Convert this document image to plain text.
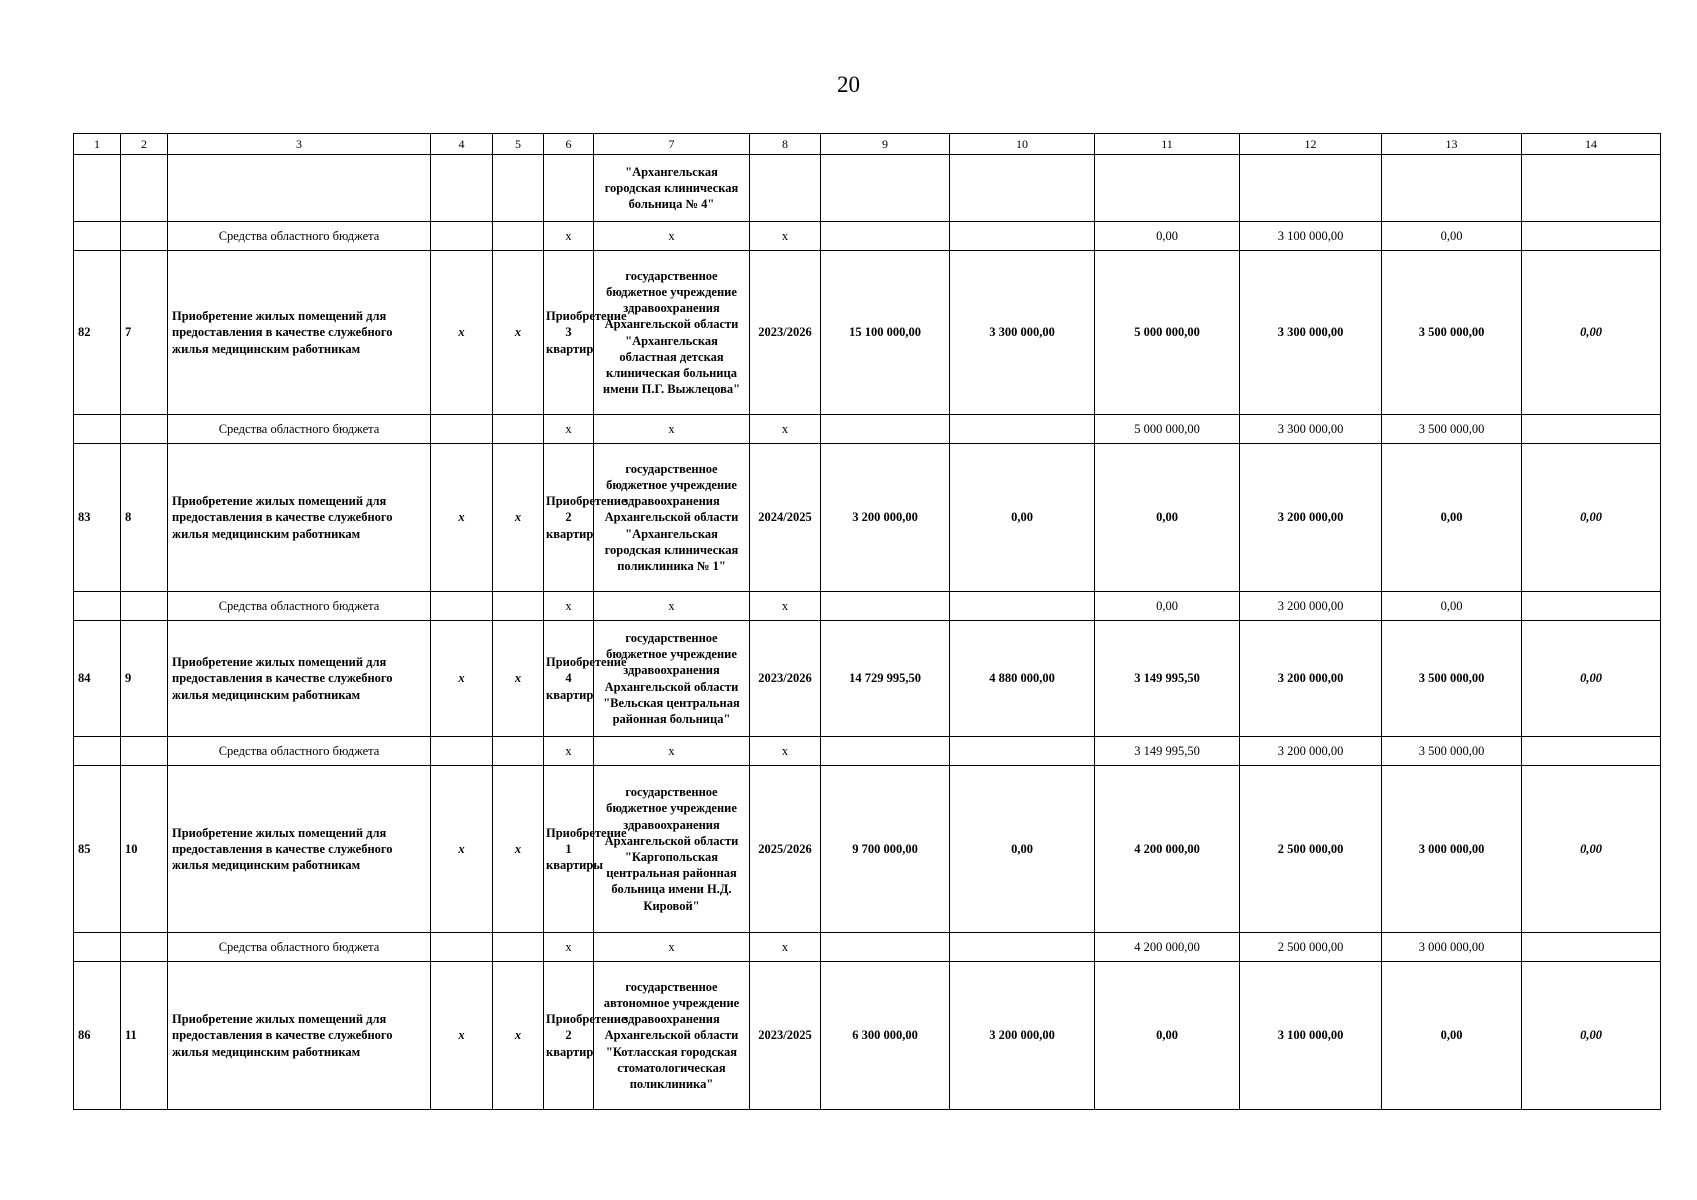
20
1	2	3	4	5	6	7	8	9	10	11	12	13	14
						"Архангельская городская клиническая больница № 4"							
		Средства областного бюджета			х	х	х			0,00	3 100 000,00	0,00	
82	7	Приобретение жилых помещений для предоставления в качестве служебного жилья медицинским работникам	x	x	Приобретение 3 квартир	государственное бюджетное учреждение здравоохранения Архангельской области "Архангельская областная детская клиническая больница имени П.Г. Выжлецова"	2023/2026	15 100 000,00	3 300 000,00	5 000 000,00	3 300 000,00	3 500 000,00	0,00
		Средства областного бюджета			х	х	х			5 000 000,00	3 300 000,00	3 500 000,00	
83	8	Приобретение жилых помещений для предоставления в качестве служебного жилья медицинским работникам	x	x	Приобретение 2 квартир	государственное бюджетное учреждение здравоохранения Архангельской области "Архангельская городская клиническая поликлиника № 1"	2024/2025	3 200 000,00	0,00	0,00	3 200 000,00	0,00	0,00
		Средства областного бюджета			х	х	х			0,00	3 200 000,00	0,00	
84	9	Приобретение жилых помещений для предоставления в качестве служебного жилья медицинским работникам	x	x	Приобретение 4 квартир	государственное бюджетное учреждение здравоохранения Архангельской области "Вельская центральная районная больница"	2023/2026	14 729 995,50	4 880 000,00	3 149 995,50	3 200 000,00	3 500 000,00	0,00
		Средства областного бюджета			х	х	х			3 149 995,50	3 200 000,00	3 500 000,00	
85	10	Приобретение жилых помещений для предоставления в качестве служебного жилья медицинским работникам	x	x	Приобретение 1 квартиры	государственное бюджетное учреждение здравоохранения Архангельской области "Каргопольская центральная районная больница имени Н.Д. Кировой"	2025/2026	9 700 000,00	0,00	4 200 000,00	2 500 000,00	3 000 000,00	0,00
		Средства областного бюджета			х	х	х			4 200 000,00	2 500 000,00	3 000 000,00	
86	11	Приобретение жилых помещений для предоставления в качестве служебного жилья медицинским работникам	x	x	Приобретение 2 квартир	государственное автономное учреждение здравоохранения Архангельской области "Котласская городская стоматологическая поликлиника"	2023/2025	6 300 000,00	3 200 000,00	0,00	3 100 000,00	0,00	0,00
